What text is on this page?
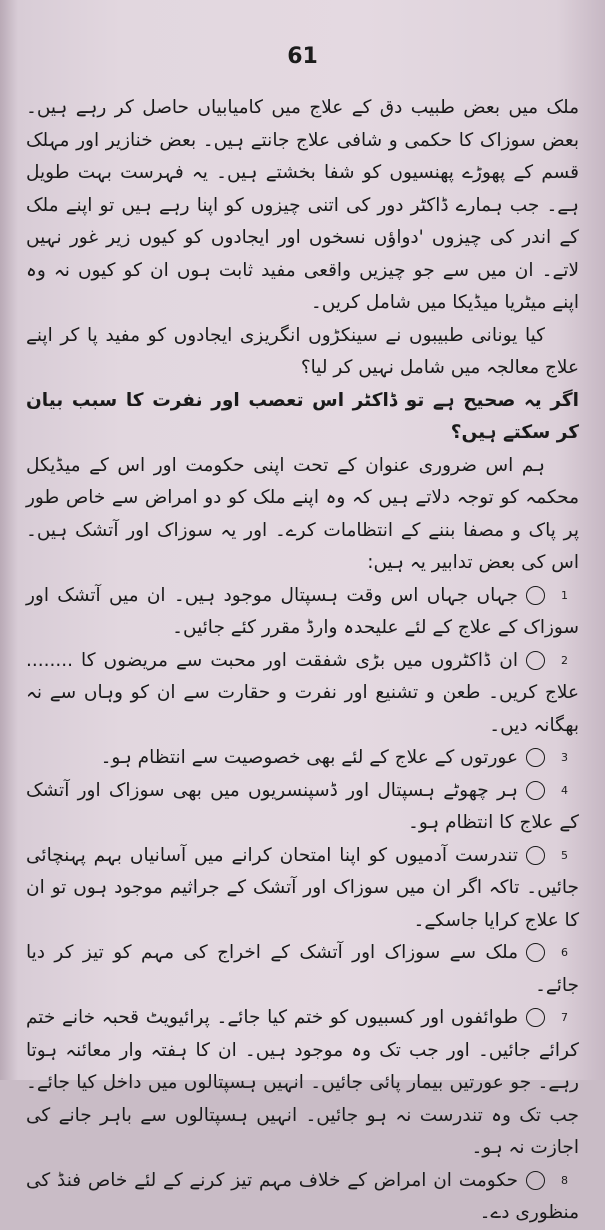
61

ملک میں بعض طبیب دق کے علاج میں کامیابیاں حاصل کر رہے ہیں۔ بعض سوزاک کا حکمی و شافی علاج جانتے ہیں۔ بعض خنازیر اور مہلک قسم کے پھوڑے پھنسیوں کو شفا بخشتے ہیں۔ یہ فہرست بہت طویل ہے۔ جب ہمارے ڈاکٹر دور کی اتنی چیزوں کو اپنا رہے ہیں تو اپنے ملک کے اندر کی چیزوں 'دواؤں نسخوں اور ایجادوں کو کیوں زیر غور نہیں لاتے۔ ان میں سے جو چیزیں واقعی مفید ثابت ہوں ان کو کیوں نہ وہ اپنے میٹریا میڈیکا میں شامل کریں۔

کیا یونانی طبیبوں نے سینکڑوں انگریزی ایجادوں کو مفید پا کر اپنے علاج معالجہ میں شامل نہیں کر لیا؟

اگر یہ صحیح ہے تو ڈاکٹر اس تعصب اور نفرت کا سبب بیان کر سکتے ہیں؟

ہم اس ضروری عنوان کے تحت اپنی حکومت اور اس کے میڈیکل محکمہ کو توجہ دلاتے ہیں کہ وہ اپنے ملک کو دو امراض سے خاص طور پر پاک و مصفا بننے کے انتظامات کرے۔ اور یہ سوزاک اور آتشک ہیں۔ اس کی بعض تدابیر یہ ہیں:

1جہاں جہاں اس وقت ہسپتال موجود ہیں۔ ان میں آتشک اور سوزاک کے علاج کے لئے علیحدہ وارڈ مقرر کئے جائیں۔
2ان ڈاکٹروں میں بڑی شفقت اور محبت سے مریضوں کا ........ علاج کریں۔ طعن و تشنیع اور نفرت و حقارت سے ان کو وہاں سے نہ بھگانہ دیں۔
3عورتوں کے علاج کے لئے بھی خصوصیت سے انتظام ہو۔
4ہر چھوٹے ہسپتال اور ڈسپنسریوں میں بھی سوزاک اور آتشک کے علاج کا انتظام ہو۔
5تندرست آدمیوں کو اپنا امتحان کرانے میں آسانیاں بہم پہنچائی جائیں۔ تاکہ اگر ان میں سوزاک اور آتشک کے جراثیم موجود ہوں تو ان کا علاج کرایا جاسکے۔
6ملک سے سوزاک اور آتشک کے اخراج کی مہم کو تیز کر دیا جائے۔
7طوائفوں اور کسبیوں کو ختم کیا جائے۔ پرائیویٹ قحبہ خانے ختم کرائے جائیں۔ اور جب تک وہ موجود ہیں۔ ان کا ہفتہ وار معائنہ ہوتا رہے۔ جو عورتیں بیمار پائی جائیں۔ انہیں ہسپتالوں میں داخل کیا جائے۔ جب تک وہ تندرست نہ ہو جائیں۔ انہیں ہسپتالوں سے باہر جانے کی اجازت نہ ہو۔
8حکومت ان امراض کے خلاف مہم تیز کرنے کے لئے خاص فنڈ کی منظوری دے۔
